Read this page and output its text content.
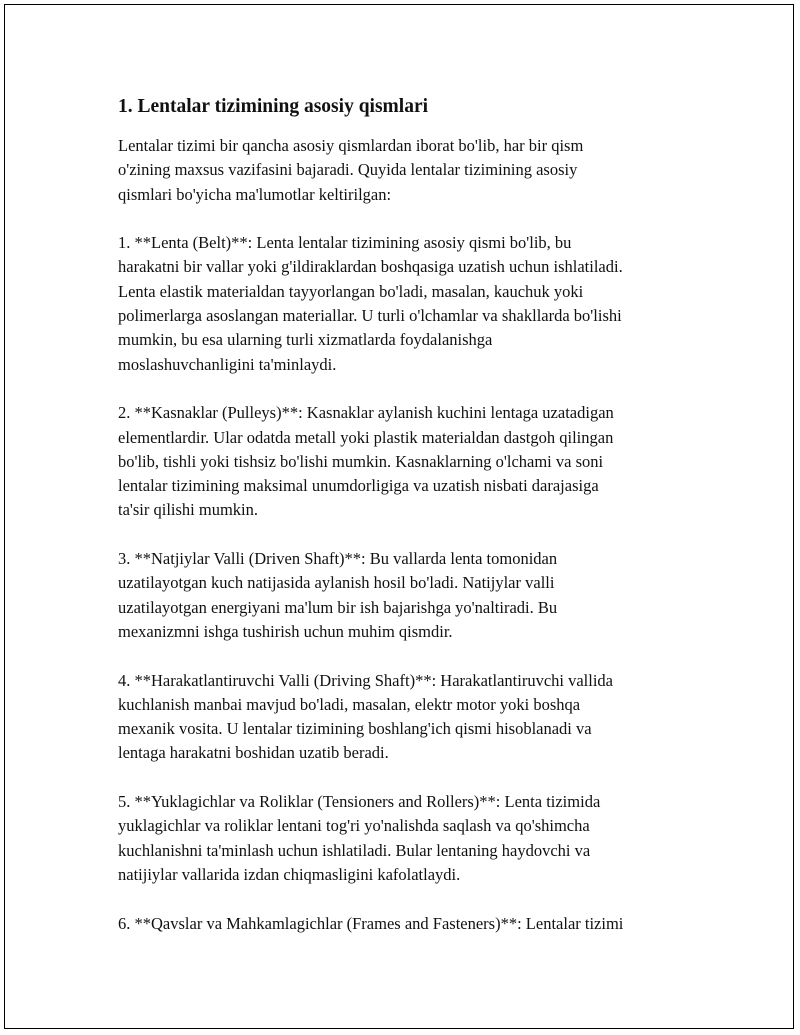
1. Lentalar tizimining asosiy qismlari

Lentalar tizimi bir qancha asosiy qismlardan iborat bo'lib, har bir qism
o'zining maxsus vazifasini bajaradi. Quyida lentalar tizimining asosiy
qismlari bo'yicha ma'lumotlar keltirilgan:

1. **Lenta (Belt)**: Lenta lentalar tizimining asosiy qismi bo'lib, bu
harakatni bir vallar yoki g'ildiraklardan boshqasiga uzatish uchun ishlatiladi.
Lenta elastik materialdan tayyorlangan bo'ladi, masalan, kauchuk yoki
polimerlarga asoslangan materiallar. U turli o'lchamlar va shakllarda bo'lishi
mumkin, bu esa ularning turli xizmatlarda foydalanishga
moslashuvchanligini ta'minlaydi.

2. **Kasnaklar (Pulleys)**: Kasnaklar aylanish kuchini lentaga uzatadigan
elementlardir. Ular odatda metall yoki plastik materialdan dastgoh qilingan
bo'lib, tishli yoki tishsiz bo'lishi mumkin. Kasnaklarning o'lchami va soni
lentalar tizimining maksimal unumdorligiga va uzatish nisbati darajasiga
ta'sir qilishi mumkin.

3. **Natjiylar Valli (Driven Shaft)**: Bu vallarda lenta tomonidan
uzatilayotgan kuch natijasida aylanish hosil bo'ladi. Natijylar valli
uzatilayotgan energiyani ma'lum bir ish bajarishga yo'naltiradi. Bu
mexanizmni ishga tushirish uchun muhim qismdir.

4. **Harakatlantiruvchi Valli (Driving Shaft)**: Harakatlantiruvchi vallida
kuchlanish manbai mavjud bo'ladi, masalan, elektr motor yoki boshqa
mexanik vosita. U lentalar tizimining boshlang'ich qismi hisoblanadi va
lentaga harakatni boshidan uzatib beradi.

5. **Yuklagichlar va Roliklar (Tensioners and Rollers)**: Lenta tizimida
yuklagichlar va roliklar lentani tog'ri yo'nalishda saqlash va qo'shimcha
kuchlanishni ta'minlash uchun ishlatiladi. Bular lentaning haydovchi va
natijiylar vallarida izdan chiqmasligini kafolatlaydi.

6. **Qavslar va Mahkamlagichlar (Frames and Fasteners)**: Lentalar tizimi
